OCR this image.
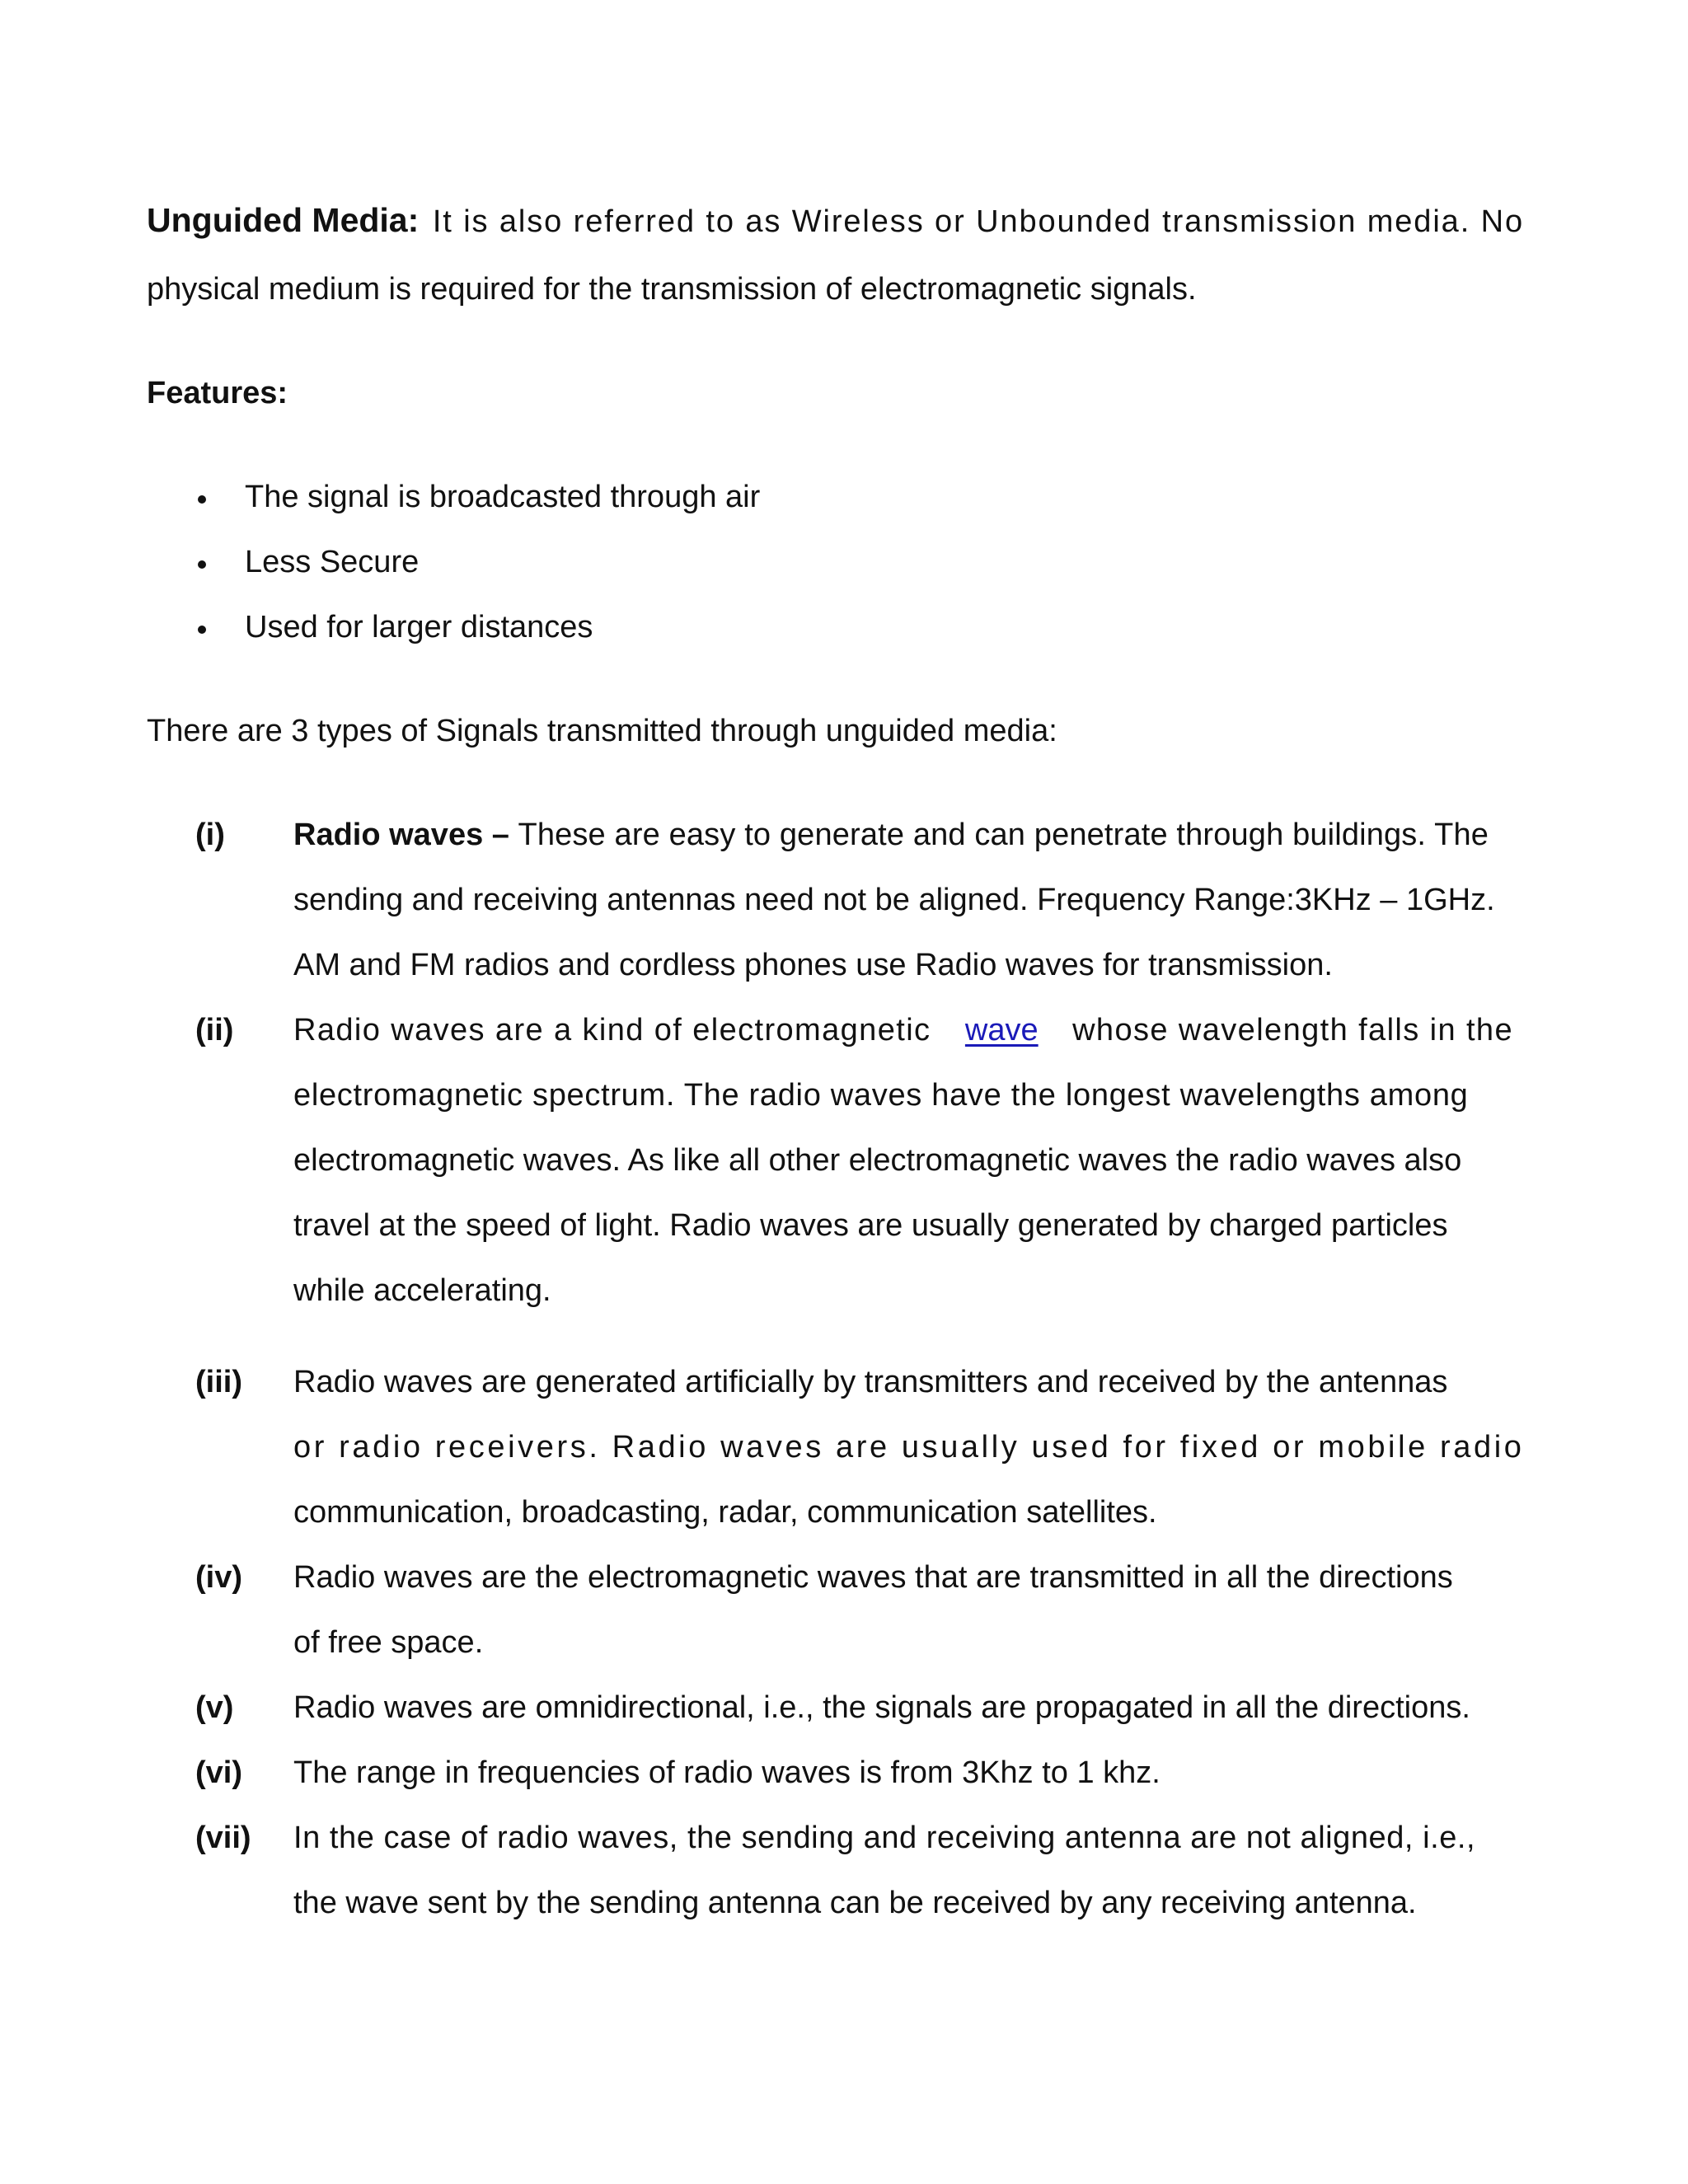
Unguided Media: It is also referred to as Wireless or Unbounded transmission media. No
physical medium is required for the transmission of electromagnetic signals.
Features:
The signal is broadcasted through air
Less Secure
Used for larger distances
There are 3 types of Signals transmitted through unguided media:
(i) Radio waves – These are easy to generate and can penetrate through buildings. The
sending and receiving antennas need not be aligned. Frequency Range:3KHz – 1GHz.
AM and FM radios and cordless phones use Radio waves for transmission.
(ii) Radio waves are a kind of electromagnetic wave whose wavelength falls in the
electromagnetic spectrum. The radio waves have the longest wavelengths among
electromagnetic waves. As like all other electromagnetic waves the radio waves also
travel at the speed of light. Radio waves are usually generated by charged particles
while accelerating.
(iii) Radio waves are generated artificially by transmitters and received by the antennas
or radio receivers. Radio waves are usually used for fixed or mobile radio
communication, broadcasting, radar, communication satellites.
(iv) Radio waves are the electromagnetic waves that are transmitted in all the directions
of free space.
(v) Radio waves are omnidirectional, i.e., the signals are propagated in all the directions.
(vi) The range in frequencies of radio waves is from 3Khz to 1 khz.
(vii) In the case of radio waves, the sending and receiving antenna are not aligned, i.e.,
the wave sent by the sending antenna can be received by any receiving antenna.
